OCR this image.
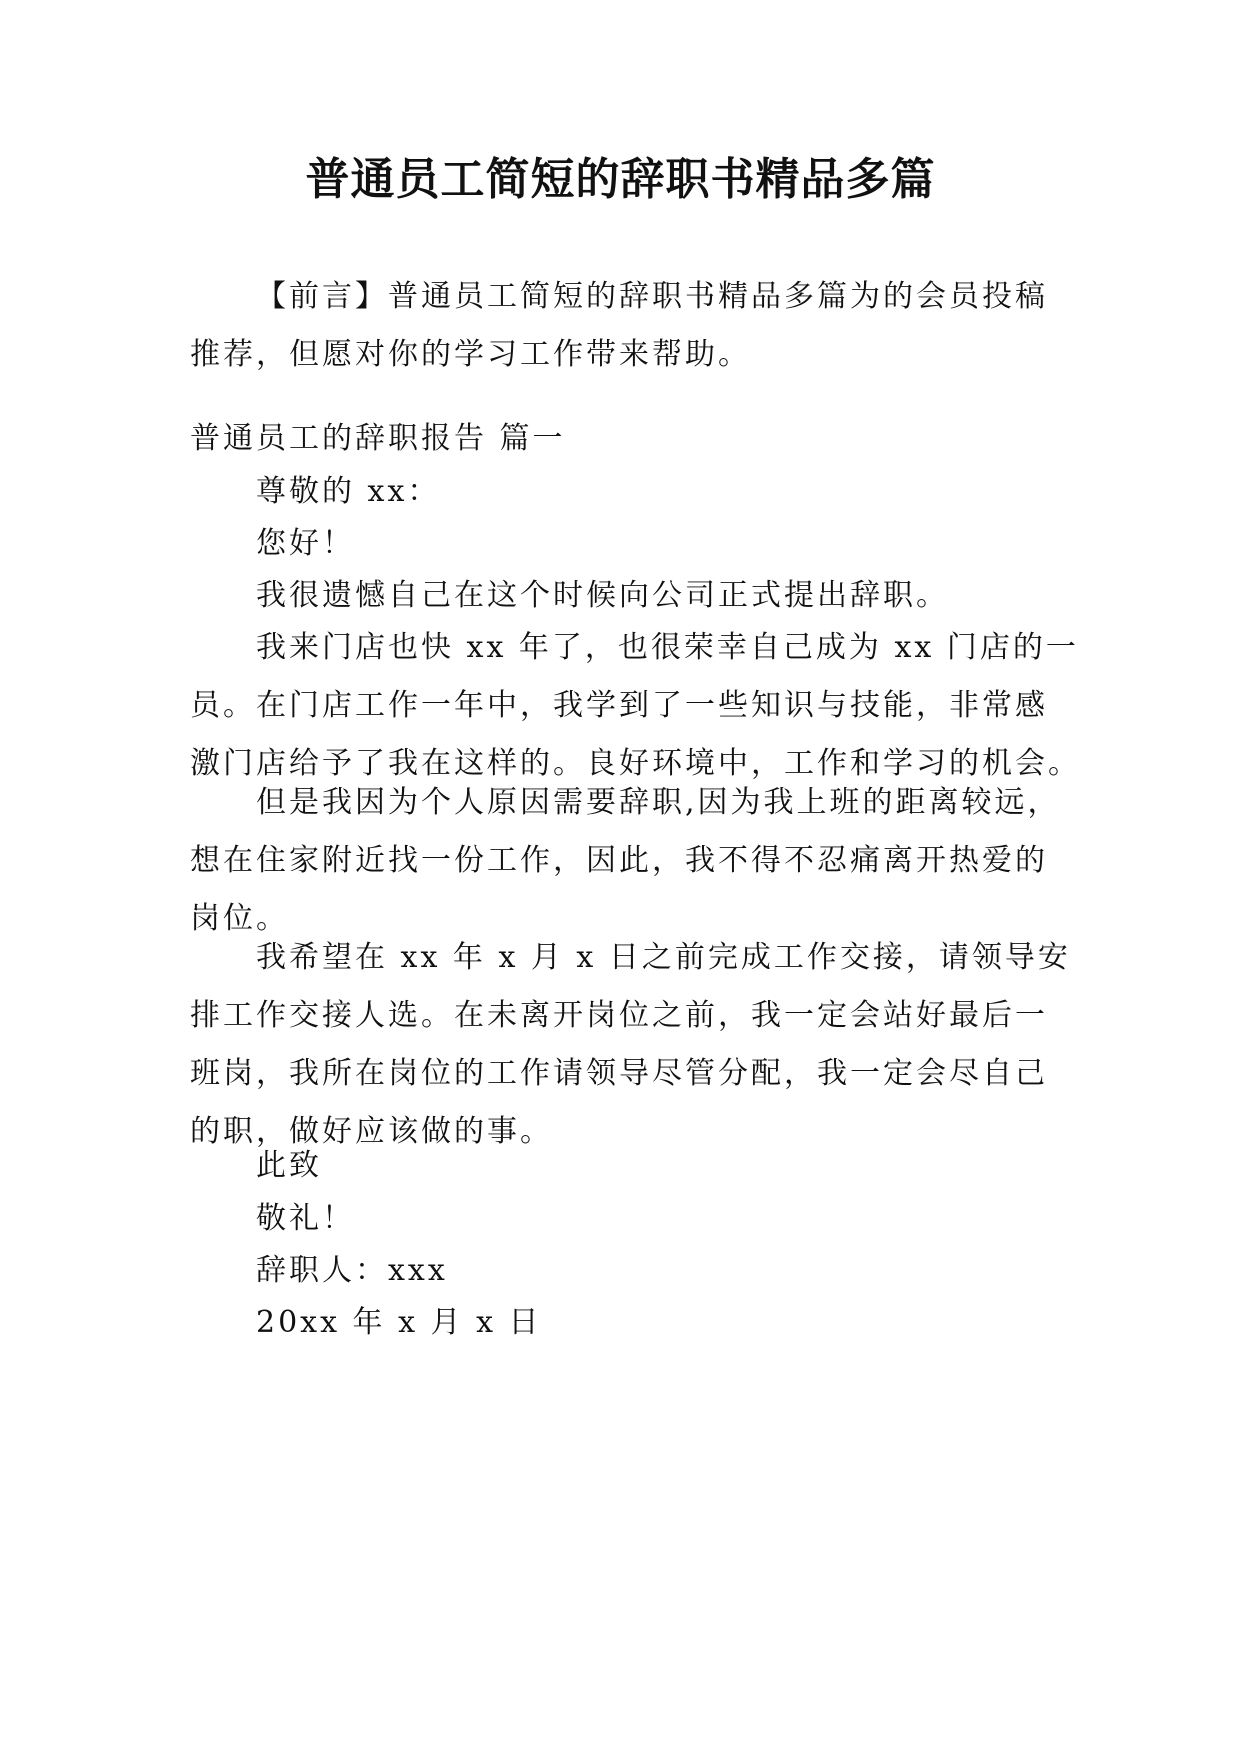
普通员工简短的辞职书精品多篇
【前言】普通员工简短的辞职书精品多篇为的会员投稿
推荐，但愿对你的学习工作带来帮助。
普通员工的辞职报告 篇一
尊敬的 xx：
您好！
我很遗憾自己在这个时候向公司正式提出辞职。
我来门店也快 xx 年了，也很荣幸自己成为 xx 门店的一
员。在门店工作一年中，我学到了一些知识与技能，非常感
激门店给予了我在这样的。良好环境中，工作和学习的机会。
但是我因为个人原因需要辞职,因为我上班的距离较远，
想在住家附近找一份工作，因此，我不得不忍痛离开热爱的
岗位。
我希望在 xx 年 x 月 x 日之前完成工作交接，请领导安
排工作交接人选。在未离开岗位之前，我一定会站好最后一
班岗，我所在岗位的工作请领导尽管分配，我一定会尽自己
的职，做好应该做的事。
此致
敬礼！
辞职人：xxx
20xx 年 x 月 x 日
